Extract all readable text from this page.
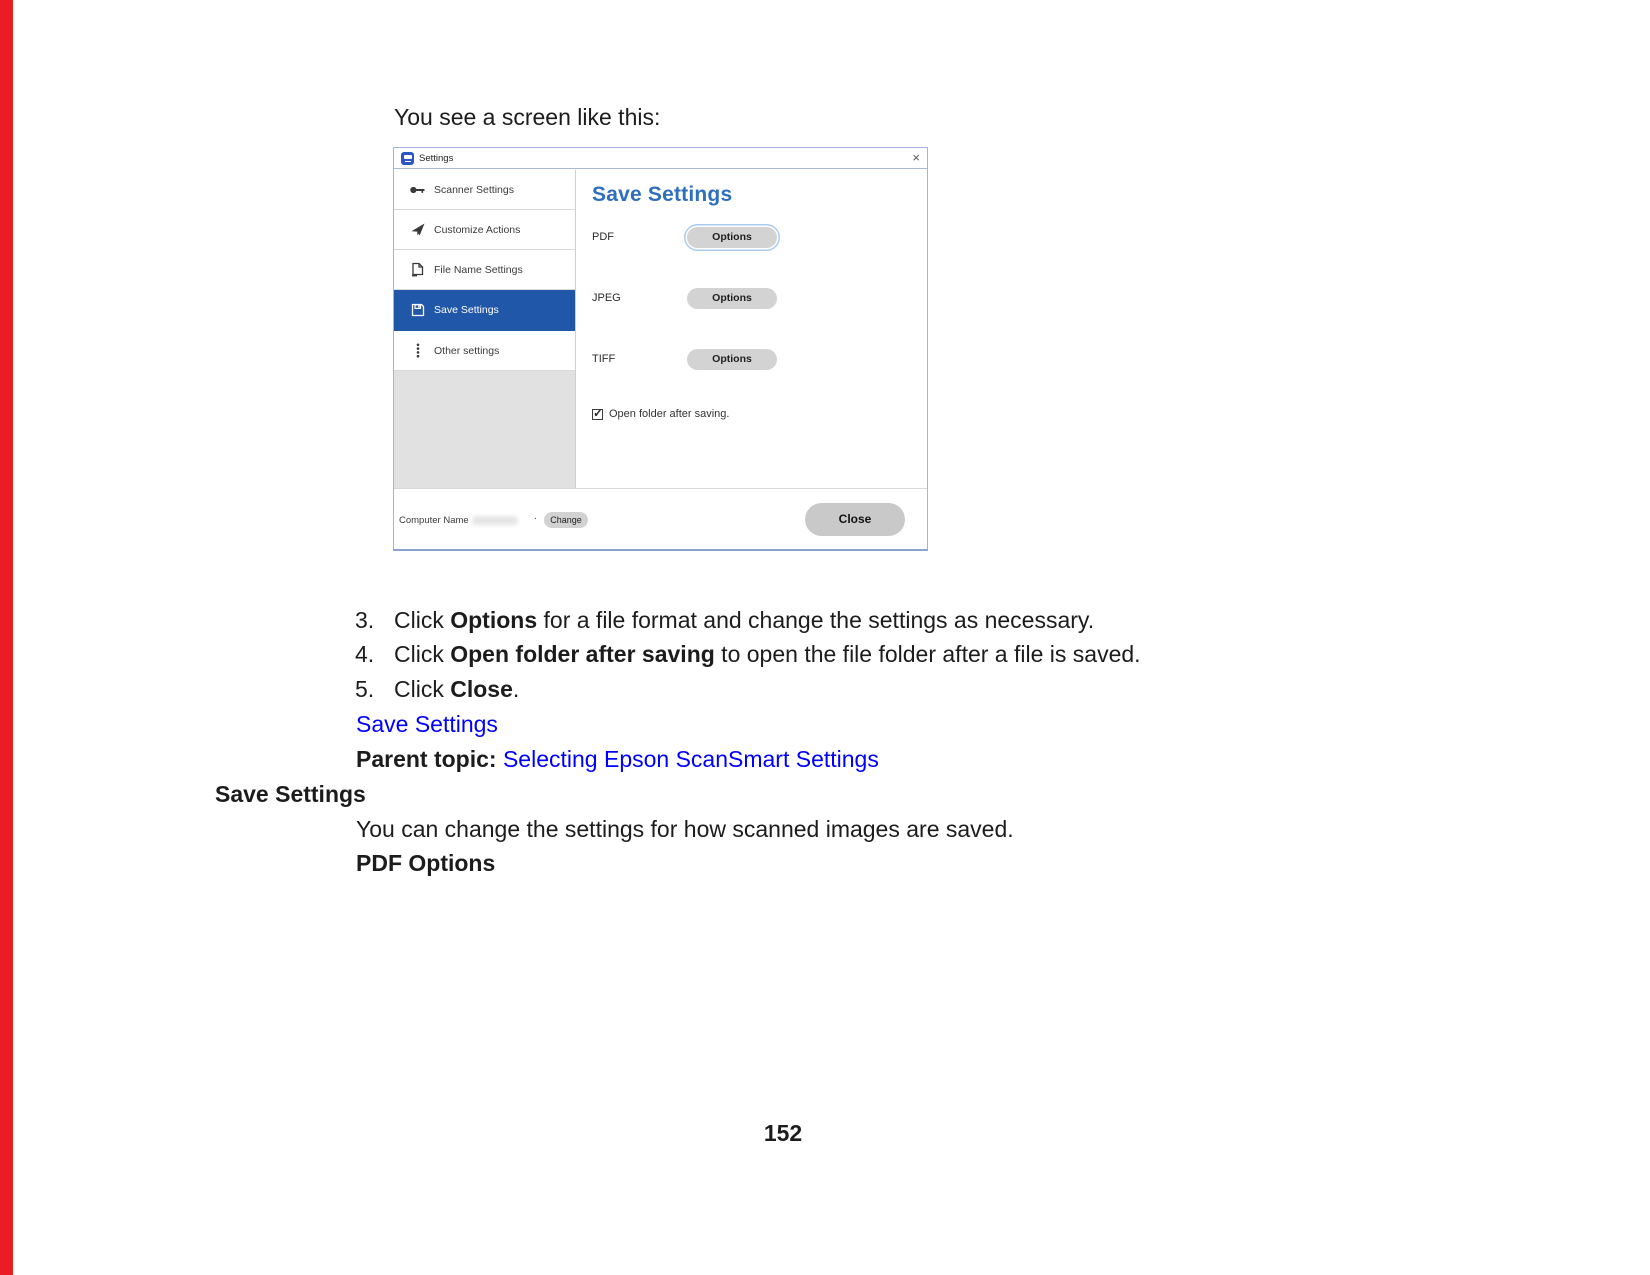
You see a screen like this:
Settings	×
Scanner Settings
Customize Actions
File Name Settings
Save Settings
Other settings
Save Settings
PDF	Options
JPEG	Options
TIFF	Options
✓ Open folder after saving.
Computer Name	.	Change	Close
3. Click Options for a file format and change the settings as necessary.
4. Click Open folder after saving to open the file folder after a file is saved.
5. Click Close.
Save Settings
Parent topic: Selecting Epson ScanSmart Settings
Save Settings
You can change the settings for how scanned images are saved.
PDF Options
152
